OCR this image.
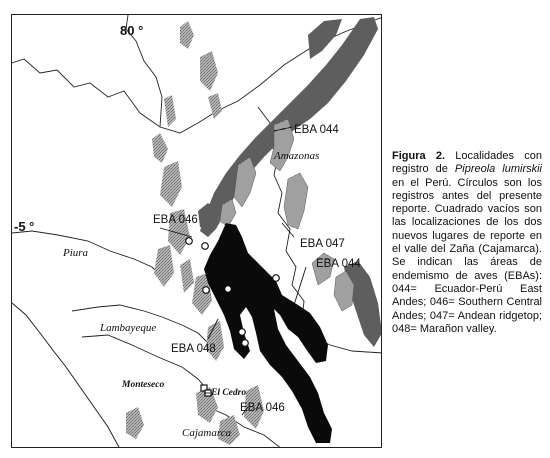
80 °
-5 °
Amazonas
Piura
Lambayeque
Cajamarca
Monteseco
El Cedro
EBA 044
EBA 046
EBA 047
EBA 044
EBA 048
EBA 046
Figura 2. Localidades con registro de Pipreola lumirskii en el Perú. Círculos son los registros antes del presente reporte. Cuadrado vacíos son las localizaciones de los dos nuevos lugares de reporte en el valle del Zaña (Cajamarca). Se indican las áreas de endemismo de aves (EBAs): 044= Ecuador-Perú East Andes; 046= Southern Central Andes; 047= Andean ridgetop; 048= Marañon valley.
